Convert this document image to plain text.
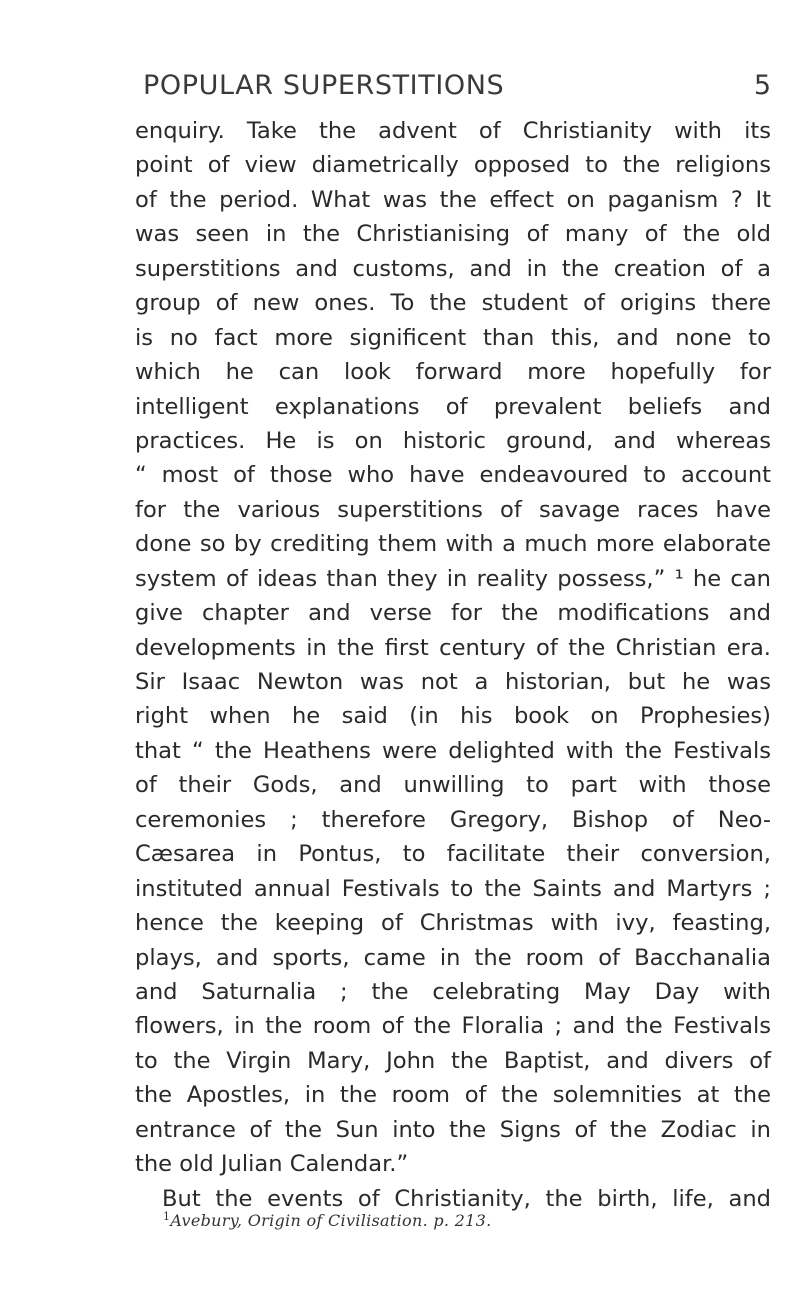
POPULAR SUPERSTITIONS	5
enquiry. Take the advent of Christianity with its
point of view diametrically opposed to the religions
of the period. What was the effect on paganism ? It
was seen in the Christianising of many of the old
superstitions and customs, and in the creation of a
group of new ones. To the student of origins there
is no fact more significent than this, and none to
which he can look forward more hopefully for
intelligent explanations of prevalent beliefs and
practices. He is on historic ground, and whereas
“ most of those who have endeavoured to account
for the various superstitions of savage races have
done so by crediting them with a much more elaborate
system of ideas than they in reality possess,” ¹ he can
give chapter and verse for the modifications and
developments in the first century of the Christian era.
Sir Isaac Newton was not a historian, but he was
right when he said (in his book on Prophesies)
that “ the Heathens were delighted with the Festivals
of their Gods, and unwilling to part with those
ceremonies ; therefore Gregory, Bishop of Neo-
Cæsarea in Pontus, to facilitate their conversion,
instituted annual Festivals to the Saints and Martyrs ;
hence the keeping of Christmas with ivy, feasting,
plays, and sports, came in the room of Bacchanalia
and Saturnalia ; the celebrating May Day with
flowers, in the room of the Floralia ; and the Festivals
to the Virgin Mary, John the Baptist, and divers of
the Apostles, in the room of the solemnities at the
entrance of the Sun into the Signs of the Zodiac in
the old Julian Calendar.”
But the events of Christianity, the birth, life, and
$^1$Avebury, Origin of Civilisation. p. 213.
